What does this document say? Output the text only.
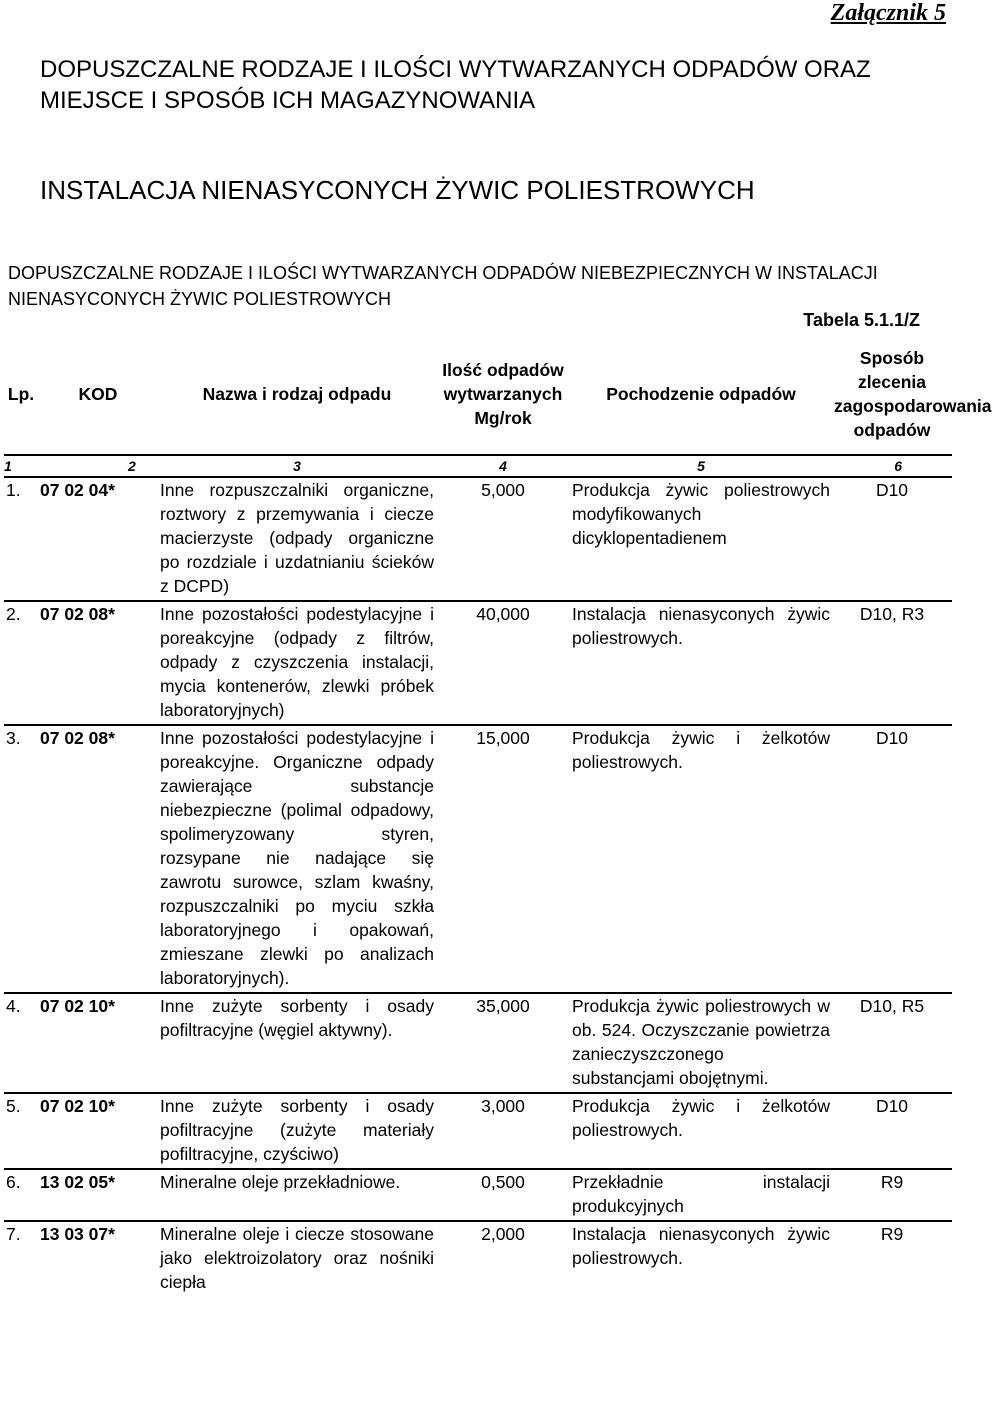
Załącznik 5
DOPUSZCZALNE RODZAJE I ILOŚCI WYTWARZANYCH ODPADÓW ORAZ MIEJSCE I SPOSÓB ICH MAGAZYNOWANIA
INSTALACJA NIENASYCONYCH ŻYWIC POLIESTROWYCH
DOPUSZCZALNE RODZAJE I ILOŚCI WYTWARZANYCH ODPADÓW NIEBEZPIECZNYCH W INSTALACJI NIENASYCONYCH ŻYWIC POLIESTROWYCH
Tabela 5.1.1/Z
Lp.	KOD	Nazwa i rodzaj odpadu	Ilość odpadów wytwarzanych Mg/rok	Pochodzenie odpadów	Sposób zlecenia zagospodarowania odpadów
1	2	3	4	5	6
1.	07 02 04*	Inne rozpuszczalniki organiczne, roztwory z przemywania i ciecze macierzyste (odpady organiczne po rozdziale i uzdatnianiu ścieków z DCPD)	5,000	Produkcja żywic poliestrowych modyfikowanych dicyklopentadienem	D10
2.	07 02 08*	Inne pozostałości podestylacyjne i poreakcyjne (odpady z filtrów, odpady z czyszczenia instalacji, mycia kontenerów, zlewki próbek laboratoryjnych)	40,000	Instalacja nienasyconych żywic poliestrowych.	D10, R3
3.	07 02 08*	Inne pozostałości podestylacyjne i poreakcyjne. Organiczne odpady zawierające substancje niebezpieczne (polimal odpadowy, spolimeryzowany styren, rozsypane nie nadające się zawrotu surowce, szlam kwaśny, rozpuszczalniki po myciu szkła laboratoryjnego i opakowań, zmieszane zlewki po analizach laboratoryjnych).	15,000	Produkcja żywic i żelkotów poliestrowych.	D10
4.	07 02 10*	Inne zużyte sorbenty i osady pofiltracyjne (węgiel aktywny).	35,000	Produkcja żywic poliestrowych w ob. 524. Oczyszczanie powietrza zanieczyszczonego substancjami obojętnymi.	D10, R5
5.	07 02 10*	Inne zużyte sorbenty i osady pofiltracyjne (zużyte materiały pofiltracyjne, czyściwo)	3,000	Produkcja żywic i żelkotów poliestrowych.	D10
6.	13 02 05*	Mineralne oleje przekładniowe.	0,500	Przekładnie instalacji produkcyjnych	R9
7.	13 03 07*	Mineralne oleje i ciecze stosowane jako elektroizolatory oraz nośniki ciepła	2,000	Instalacja nienasyconych żywic poliestrowych.	R9
